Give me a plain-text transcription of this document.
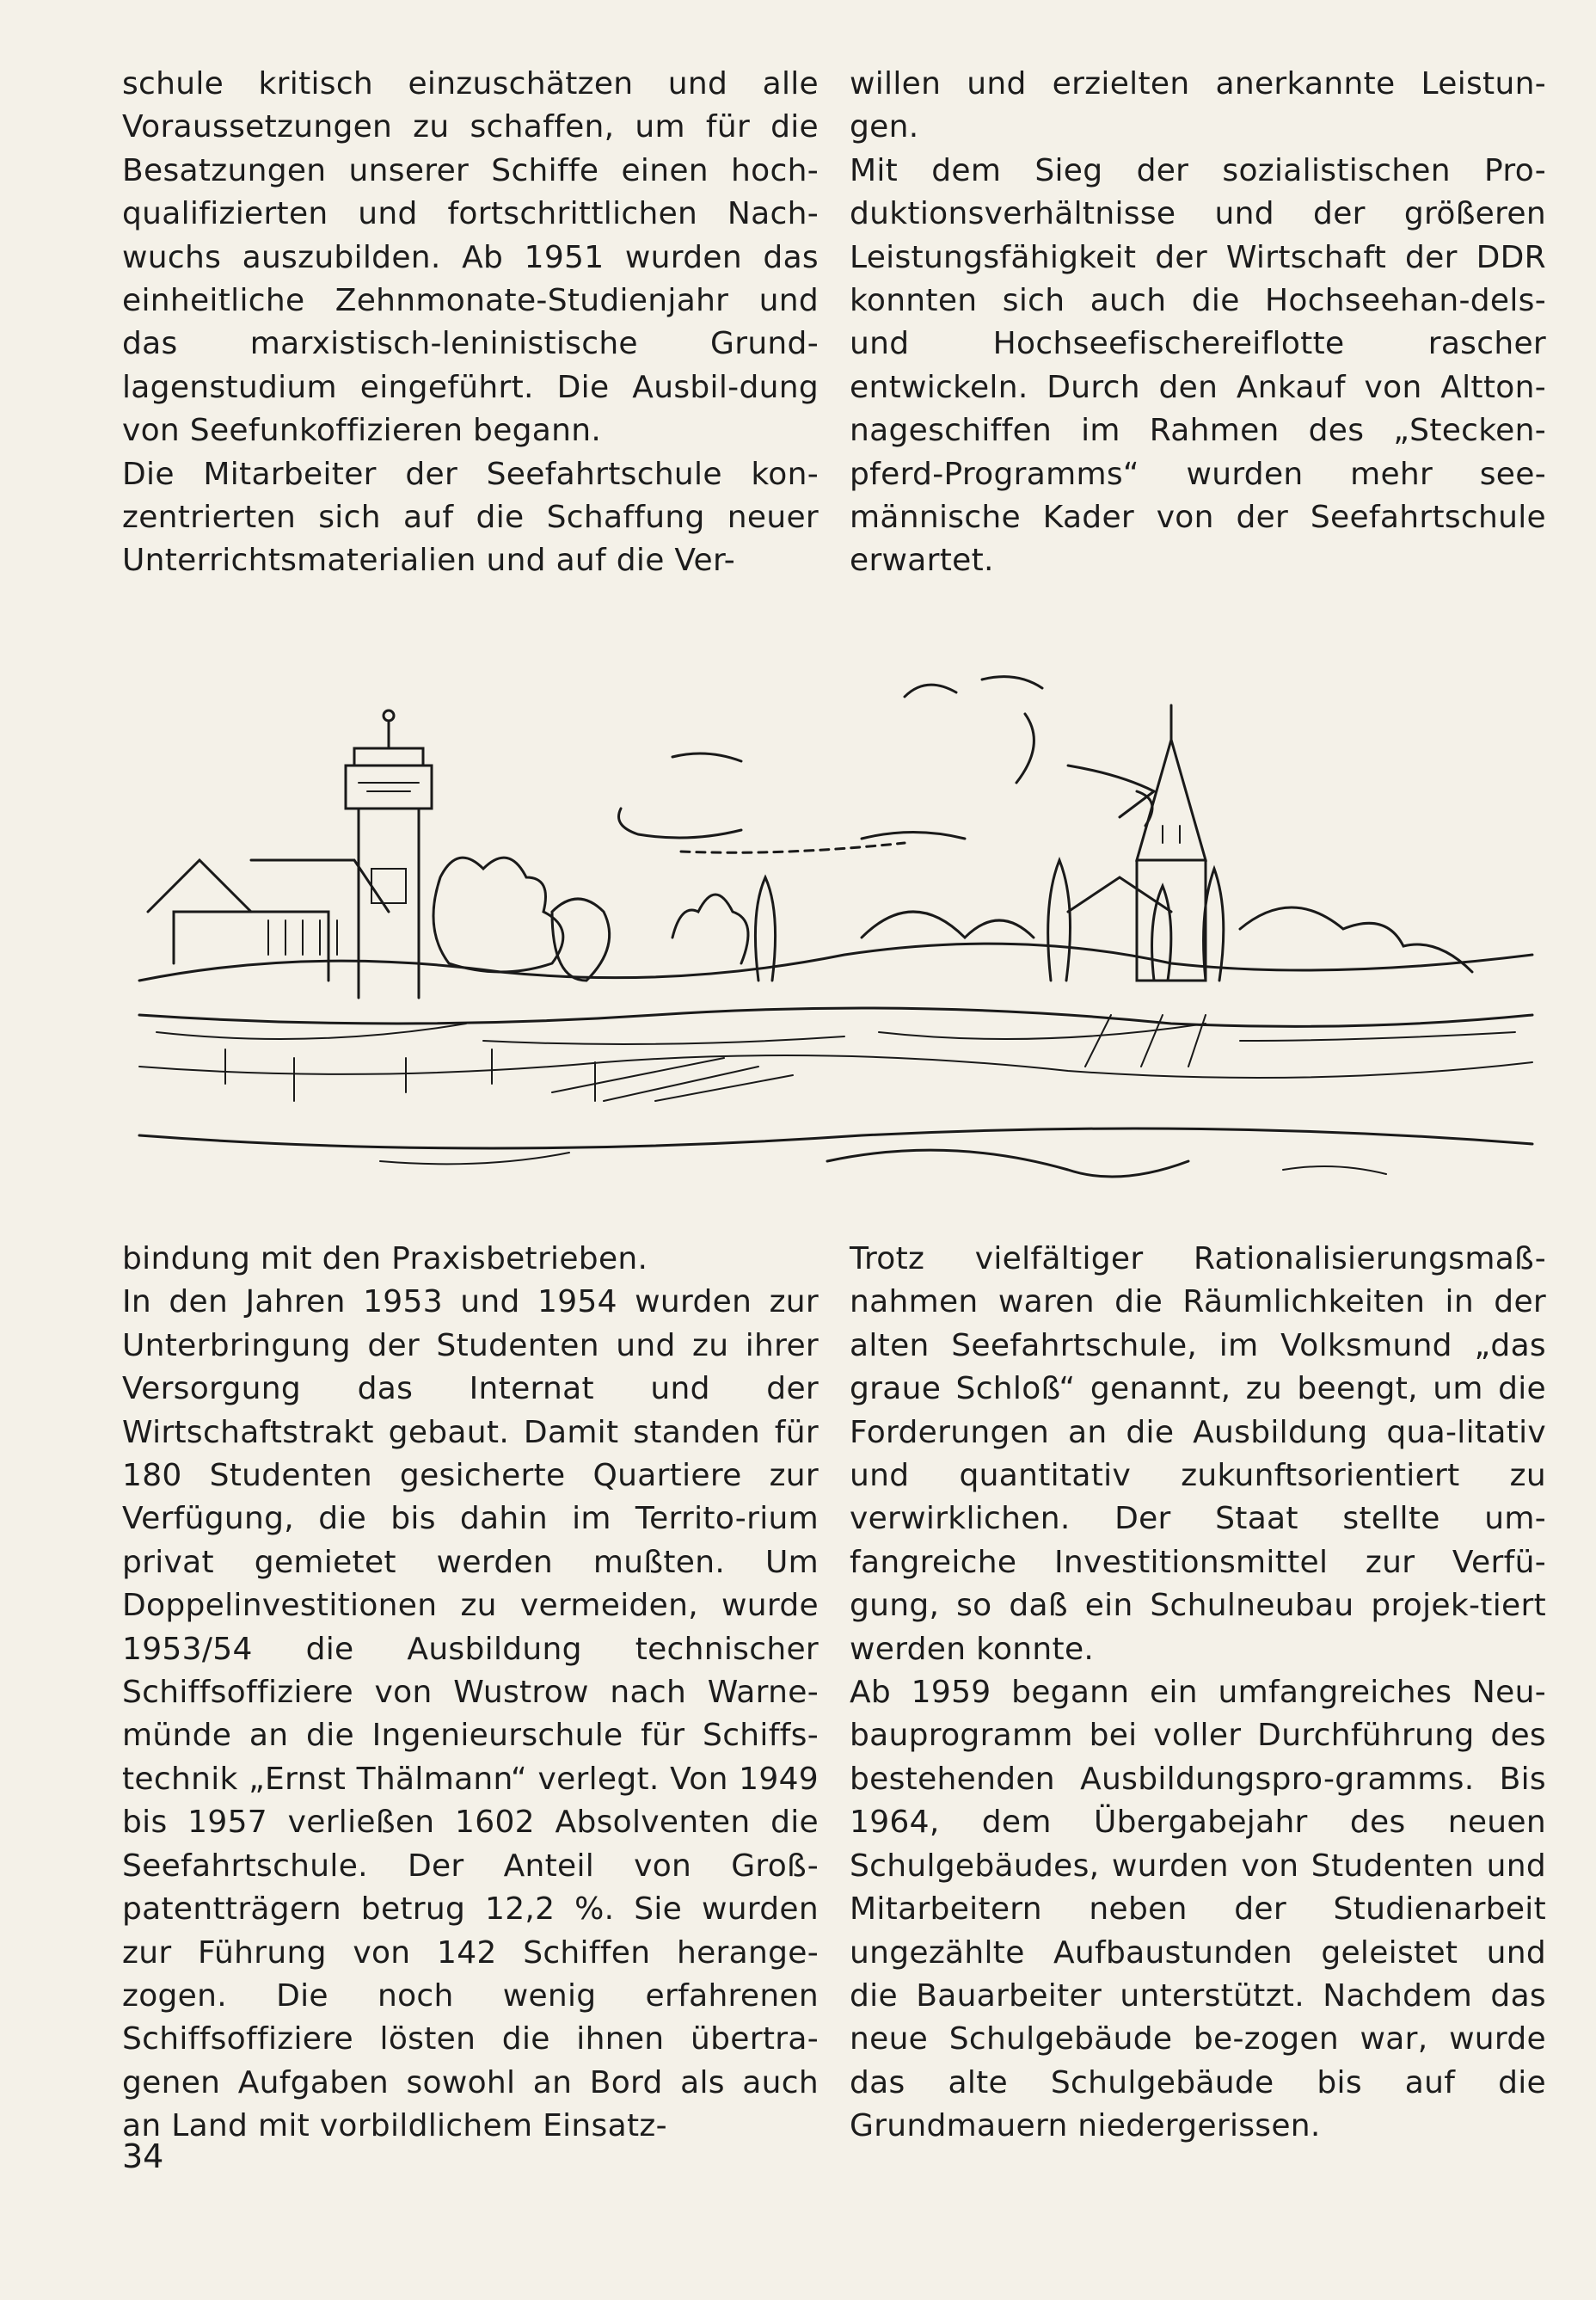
schule kritisch einzuschätzen und alle Voraussetzungen zu schaffen, um für die Besatzungen unserer Schiffe einen hoch-qualifizierten und fortschrittlichen Nach-wuchs auszubilden. Ab 1951 wurden das einheitliche Zehnmonate-Studienjahr und das marxistisch-leninistische Grund-lagenstudium eingeführt. Die Ausbil-dung von Seefunkoffizieren begann.

Die Mitarbeiter der Seefahrtschule kon-zentrierten sich auf die Schaffung neuer Unterrichtsmaterialien und auf die Ver-

willen und erzielten anerkannte Leistun-gen.

Mit dem Sieg der sozialistischen Pro-duktionsverhältnisse und der größeren Leistungsfähigkeit der Wirtschaft der DDR konnten sich auch die Hochseehan-dels- und Hochseefischereiflotte rascher entwickeln. Durch den Ankauf von Altton-nageschiffen im Rahmen des „Stecken-pferd-Programms“ wurden mehr see-männische Kader von der Seefahrtschule erwartet.

bindung mit den Praxisbetrieben.

In den Jahren 1953 und 1954 wurden zur Unterbringung der Studenten und zu ihrer Versorgung das Internat und der Wirtschaftstrakt gebaut. Damit standen für 180 Studenten gesicherte Quartiere zur Verfügung, die bis dahin im Territo-rium privat gemietet werden mußten. Um Doppelinvestitionen zu vermeiden, wurde 1953/54 die Ausbildung technischer Schiffsoffiziere von Wustrow nach Warne-münde an die Ingenieurschule für Schiffs-technik „Ernst Thälmann“ verlegt. Von 1949 bis 1957 verließen 1602 Absolventen die Seefahrtschule. Der Anteil von Groß-patentträgern betrug 12,2 %. Sie wurden zur Führung von 142 Schiffen herange-zogen. Die noch wenig erfahrenen Schiffsoffiziere lösten die ihnen übertra-genen Aufgaben sowohl an Bord als auch an Land mit vorbildlichem Einsatz-

Trotz vielfältiger Rationalisierungsmaß-nahmen waren die Räumlichkeiten in der alten Seefahrtschule, im Volksmund „das graue Schloß“ genannt, zu beengt, um die Forderungen an die Ausbildung qua-litativ und quantitativ zukunftsorientiert zu verwirklichen. Der Staat stellte um-fangreiche Investitionsmittel zur Verfü-gung, so daß ein Schulneubau projek-tiert werden konnte.

Ab 1959 begann ein umfangreiches Neu-bauprogramm bei voller Durchführung des bestehenden Ausbildungspro-gramms. Bis 1964, dem Übergabejahr des neuen Schulgebäudes, wurden von Studenten und Mitarbeitern neben der Studienarbeit ungezählte Aufbaustunden geleistet und die Bauarbeiter unterstützt. Nachdem das neue Schulgebäude be-zogen war, wurde das alte Schulgebäude bis auf die Grundmauern niedergerissen.

34
